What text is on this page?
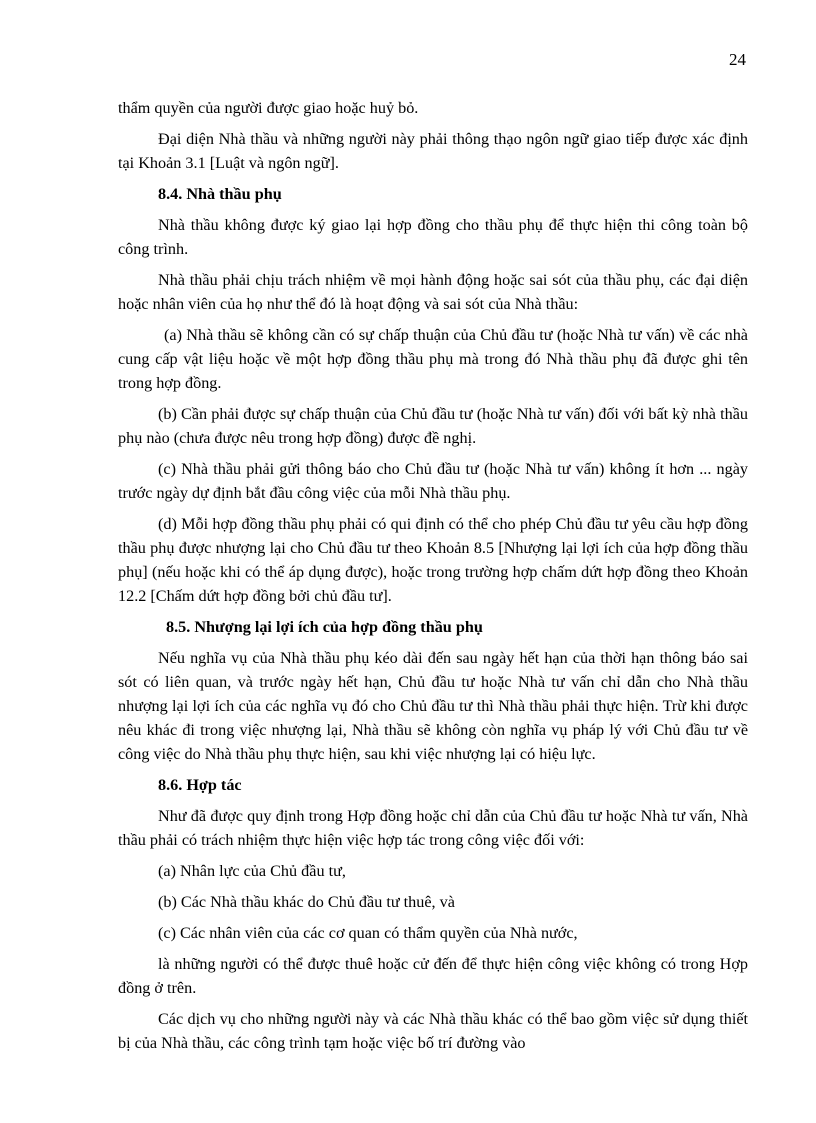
24

thẩm quyền của người được giao hoặc huỷ bỏ.

Đại diện Nhà thầu và những người này phải thông thạo ngôn ngữ giao tiếp được xác định tại Khoản 3.1 [Luật và ngôn ngữ].

8.4. Nhà thầu phụ

Nhà thầu không được ký giao lại hợp đồng cho thầu phụ để thực hiện thi công toàn bộ công trình.

Nhà thầu phải chịu trách nhiệm về mọi hành động hoặc sai sót của thầu phụ, các đại diện hoặc nhân viên của họ như thể đó là hoạt động và sai sót của Nhà thầu:

(a) Nhà thầu sẽ không cần có sự chấp thuận của Chủ đầu tư (hoặc Nhà tư vấn) về các nhà cung cấp vật liệu hoặc về một hợp đồng thầu phụ mà trong đó Nhà thầu phụ đã được ghi tên trong hợp đồng.

(b) Cần phải được sự chấp thuận của Chủ đầu tư (hoặc Nhà tư vấn) đối với bất kỳ nhà thầu phụ nào (chưa được nêu trong hợp đồng) được đề nghị.

(c) Nhà thầu phải gửi thông báo cho Chủ đầu tư (hoặc Nhà tư vấn) không ít hơn ... ngày trước ngày dự định bắt đầu công việc của mỗi Nhà thầu phụ.

(d) Mỗi hợp đồng thầu phụ phải có qui định có thể cho phép Chủ đầu tư yêu cầu hợp đồng thầu phụ được nhượng lại cho Chủ đầu tư theo Khoản 8.5 [Nhượng lại lợi ích của hợp đồng thầu phụ] (nếu hoặc khi có thể áp dụng được), hoặc trong trường hợp chấm dứt hợp đồng theo Khoản 12.2 [Chấm dứt hợp đồng bởi chủ đầu tư].

8.5. Nhượng lại lợi ích của hợp đồng thầu phụ

Nếu nghĩa vụ của Nhà thầu phụ kéo dài đến sau ngày hết hạn của thời hạn thông báo sai sót có liên quan, và trước ngày hết hạn, Chủ đầu tư hoặc Nhà tư vấn chỉ dẫn cho Nhà thầu nhượng lại lợi ích của các nghĩa vụ đó cho Chủ đầu tư thì Nhà thầu phải thực hiện. Trừ khi được nêu khác đi trong việc nhượng lại, Nhà thầu sẽ không còn nghĩa vụ pháp lý với Chủ đầu tư về công việc do Nhà thầu phụ thực hiện, sau khi việc nhượng lại có hiệu lực.

8.6. Hợp tác

Như đã được quy định trong Hợp đồng hoặc chỉ dẫn của Chủ đầu tư hoặc Nhà tư vấn, Nhà thầu phải có trách nhiệm thực hiện việc hợp tác trong công việc đối với:

(a) Nhân lực của Chủ đầu tư,

(b) Các Nhà thầu khác do Chủ đầu tư thuê, và

(c) Các nhân viên của các cơ quan có thẩm quyền của Nhà nước,

là những người có thể được thuê hoặc cử đến để thực hiện công việc không có trong Hợp đồng ở trên.

Các dịch vụ cho những người này và các Nhà thầu khác có thể bao gồm việc sử dụng thiết bị của Nhà thầu, các công trình tạm hoặc việc bố trí đường vào
